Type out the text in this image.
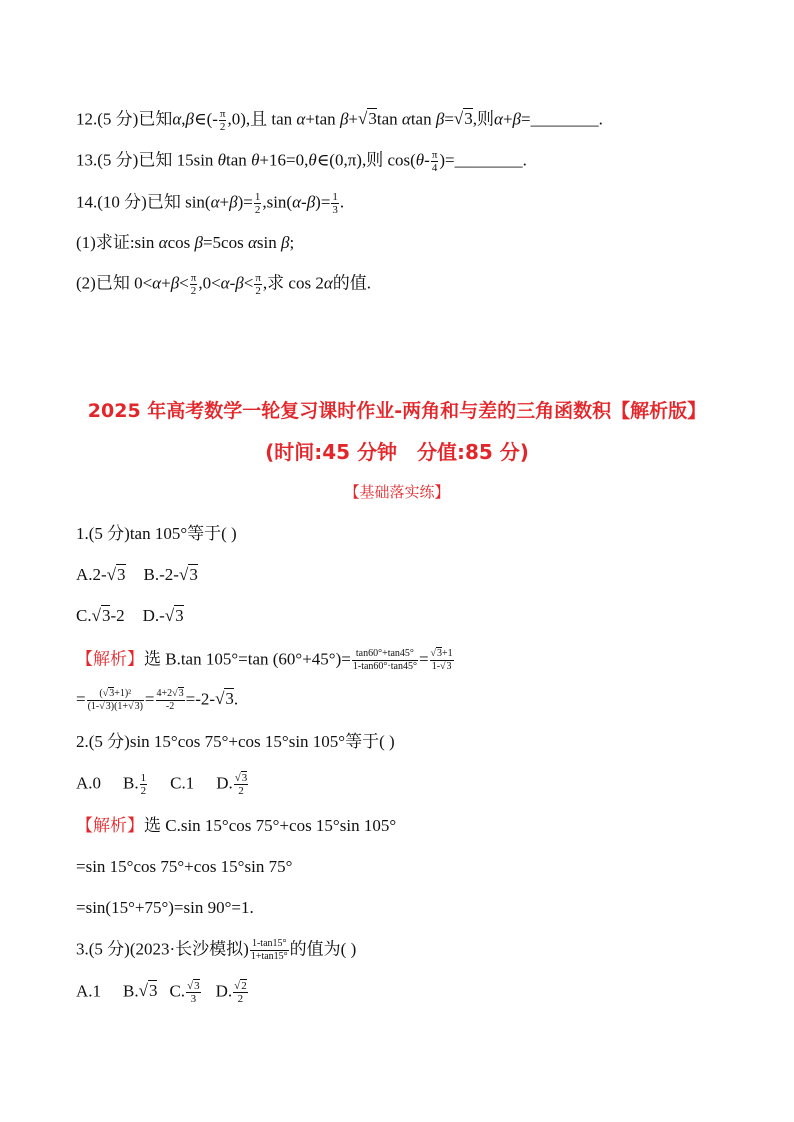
12.(5 分)已知α,β∈(- $\frac{\pi}{2} ,0$),且 tan α+tan β+√3tan αtan β=√3,则α+β=________.
13.(5 分)已知 15sin θtan θ+16=0,θ∈(0,π),则 $\cos(\theta- \frac{\pi}{4}$ )=________.
14.(10 分)已知 $\sin(\alpha+\beta)= \frac{1}{2} ,\sin(\alpha-\beta)= \frac{1}{3}$ .
(1)求证:sin αcos β=5cos αsin β;
(2)已知 $0<\alpha+\beta< \frac{\pi}{2} ,0<\alpha-\beta< \frac{\pi}{2}$ ,求 cos 2α的值.
2025 年高考数学一轮复习课时作业-两角和与差的三角函数积【解析版】
(时间:45 分钟 分值:85 分)
【基础落实练】
1.(5 分)tan 105°等于( )
A.2-√3 B.-2-√3
C.√3-2 D.-√3
【解析】选 B.tan 105°=tan $(60^\circ+45^\circ)= \frac{\tan 60^\circ+\tan 45^\circ}{1-\tan 60^\circ\cdot\tan 45^\circ} = \frac{√3+1}{1-√3}$
= $\frac{\text{(√3+1)²}}{(1-√3)(1+√3)} = \frac{4+2√3}{-2} =-2-√3$.
2.(5 分)sin 15°cos 75°+cos 15°sin 105°等于( )
A.0 B. $\frac{1}{2} C.1$ D. $\frac{√3}{2}$
【解析】选 C.sin 15°cos 75°+cos 15°sin 105°
=sin 15°cos 75°+cos 15°sin 75°
=sin(15°+75°)=sin 90°=1.
3.(5 分)(2023·长沙模拟) $\frac{1-\tan 15^\circ}{1+\tan 15^\circ}$ 的值为( )
A.1 B.√3 C. $\frac{√3}{3} D$. $\frac{√2}{2}$
